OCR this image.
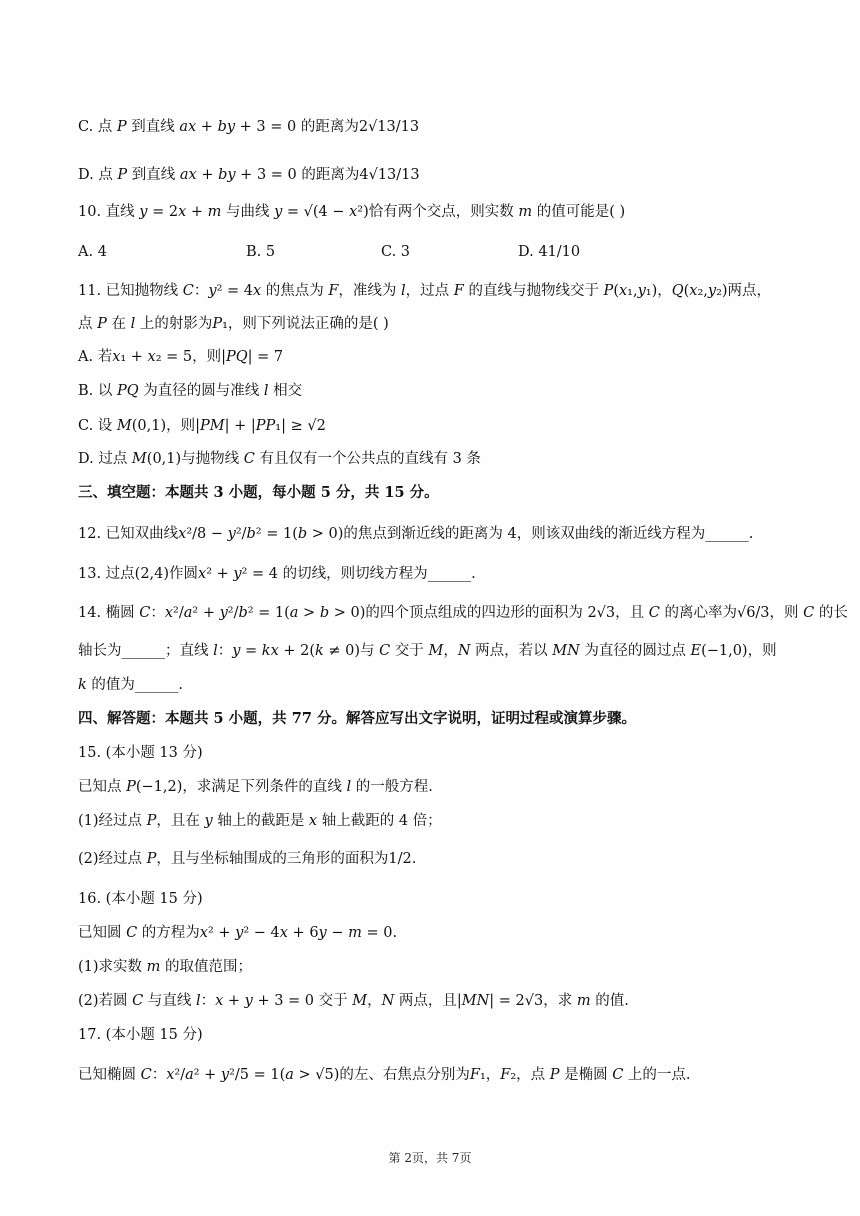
C. 点 𝑃 到直线 𝑎𝑥 + 𝑏𝑦 + 3 = 0 的距离为2√13/13
D. 点 𝑃 到直线 𝑎𝑥 + 𝑏𝑦 + 3 = 0 的距离为4√13/13
10. 直线 𝑦 = 2𝑥 + 𝑚 与曲线 𝑦 = √(4 − 𝑥²)恰有两个交点，则实数 𝑚 的值可能是( )
A. 4	B. 5	C. 3	D. 41/10
11. 已知抛物线 𝐶：𝑦² = 4𝑥 的焦点为 𝐹，准线为 𝑙，过点 𝐹 的直线与抛物线交于 𝑃(𝑥₁,𝑦₁)，𝑄(𝑥₂,𝑦₂)两点，
点 𝑃 在 𝑙 上的射影为𝑃₁，则下列说法正确的是( )
A. 若𝑥₁ + 𝑥₂ = 5，则|𝑃𝑄| = 7
B. 以 𝑃𝑄 为直径的圆与准线 𝑙 相交
C. 设 𝑀(0,1)，则|𝑃𝑀| + |𝑃𝑃₁| ≥ √2
D. 过点 𝑀(0,1)与抛物线 𝐶 有且仅有一个公共点的直线有 3 条
三、填空题：本题共 3 小题，每小题 5 分，共 15 分。
12. 已知双曲线𝑥²/8 − 𝑦²/𝑏² = 1(𝑏 > 0)的焦点到渐近线的距离为 4，则该双曲线的渐近线方程为______.
13. 过点(2,4)作圆𝑥² + 𝑦² = 4 的切线，则切线方程为______.
14. 椭圆 𝐶：𝑥²/𝑎² + 𝑦²/𝑏² = 1(𝑎 > 𝑏 > 0)的四个顶点组成的四边形的面积为 2√3，且 𝐶 的离心率为√6/3，则 𝐶 的长
轴长为______；直线 𝑙：𝑦 = 𝑘𝑥 + 2(𝑘 ≠ 0)与 𝐶 交于 𝑀，𝑁 两点，若以 𝑀𝑁 为直径的圆过点 𝐸(−1,0)，则
𝑘 的值为______.
四、解答题：本题共 5 小题，共 77 分。解答应写出文字说明，证明过程或演算步骤。
15. (本小题 13 分)
已知点 𝑃(−1,2)，求满足下列条件的直线 𝑙 的一般方程.
(1)经过点 𝑃，且在 𝑦 轴上的截距是 𝑥 轴上截距的 4 倍；
(2)经过点 𝑃，且与坐标轴围成的三角形的面积为1/2.
16. (本小题 15 分)
已知圆 𝐶 的方程为𝑥² + 𝑦² − 4𝑥 + 6𝑦 − 𝑚 = 0.
(1)求实数 𝑚 的取值范围；
(2)若圆 𝐶 与直线 𝑙：𝑥 + 𝑦 + 3 = 0 交于 𝑀，𝑁 两点，且|𝑀𝑁| = 2√3，求 𝑚 的值.
17. (本小题 15 分)
已知椭圆 𝐶：𝑥²/𝑎² + 𝑦²/5 = 1(𝑎 > √5)的左、右焦点分别为𝐹₁，𝐹₂，点 𝑃 是椭圆 𝐶 上的一点.
第 2页，共 7页
